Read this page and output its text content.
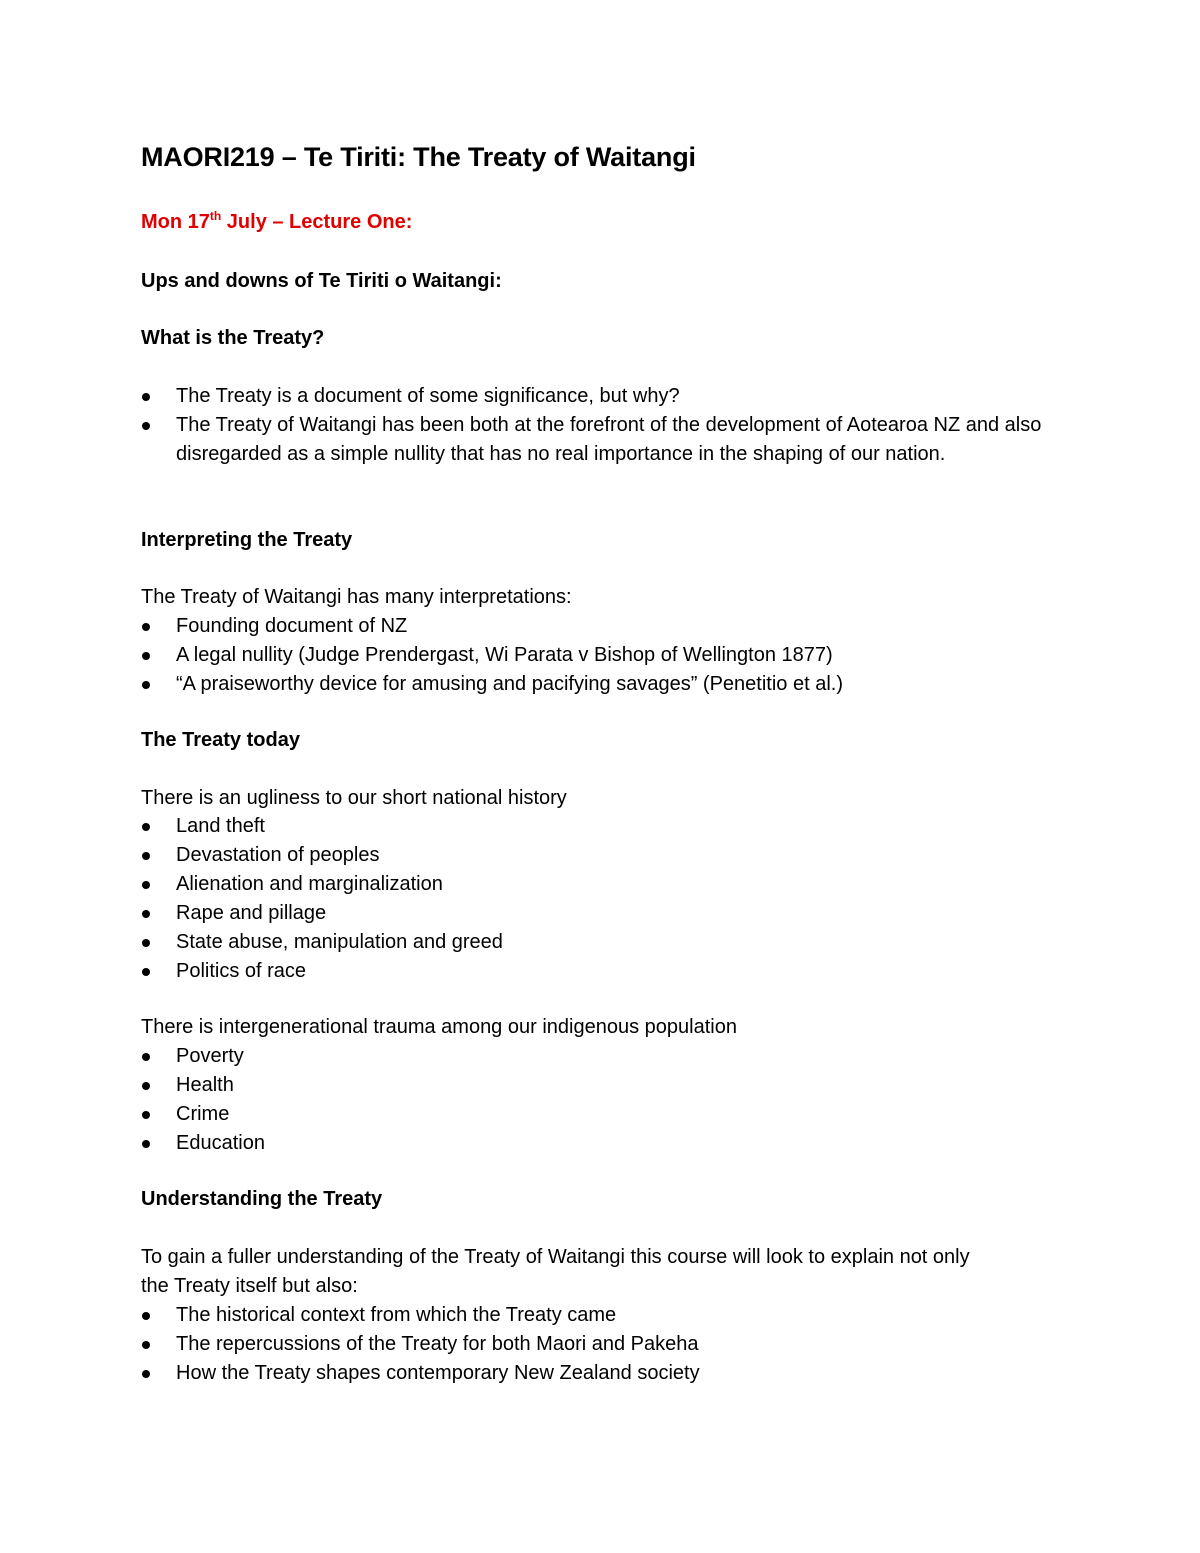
MAORI219 – Te Tiriti: The Treaty of Waitangi
Mon 17th July – Lecture One:
Ups and downs of Te Tiriti o Waitangi:
What is the Treaty?
The Treaty is a document of some significance, but why?
The Treaty of Waitangi has been both at the forefront of the development of Aotearoa NZ and also disregarded as a simple nullity that has no real importance in the shaping of our nation.
Interpreting the Treaty
The Treaty of Waitangi has many interpretations:
Founding document of NZ
A legal nullity (Judge Prendergast, Wi Parata v Bishop of Wellington 1877)
“A praiseworthy device for amusing and pacifying savages” (Penetitio et al.)
The Treaty today
There is an ugliness to our short national history
Land theft
Devastation of peoples
Alienation and marginalization
Rape and pillage
State abuse, manipulation and greed
Politics of race
There is intergenerational trauma among our indigenous population
Poverty
Health
Crime
Education
Understanding the Treaty
To gain a fuller understanding of the Treaty of Waitangi this course will look to explain not only
the Treaty itself but also:
The historical context from which the Treaty came
The repercussions of the Treaty for both Maori and Pakeha
How the Treaty shapes contemporary New Zealand society
